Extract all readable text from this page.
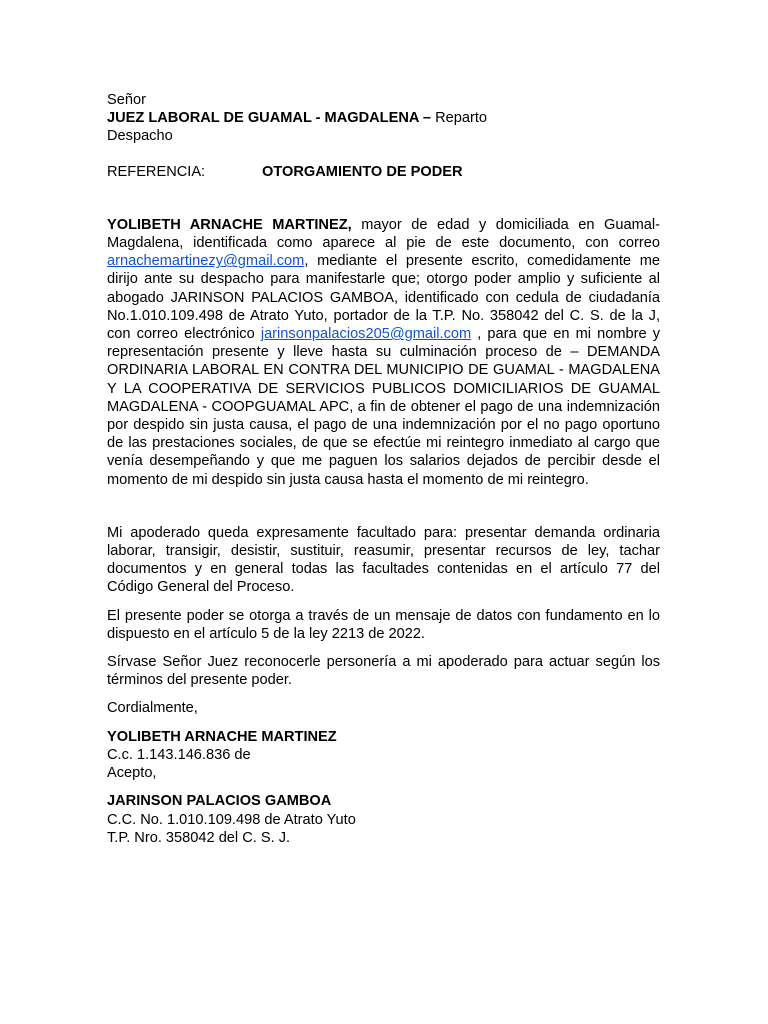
Señor

JUEZ LABORAL DE GUAMAL - MAGDALENA – Reparto

Despacho

REFERENCIA:	OTORGAMIENTO DE PODER

YOLIBETH ARNACHE MARTINEZ, mayor de edad y domiciliada en Guamal-Magdalena, identificada como aparece al pie de este documento, con correo arnachemartinezy@gmail.com, mediante el presente escrito, comedidamente me dirijo ante su despacho para manifestarle que; otorgo poder amplio y suficiente al abogado JARINSON PALACIOS GAMBOA, identificado con cedula de ciudadanía No.1.010.109.498 de Atrato Yuto, portador de la T.P. No. 358042 del C. S. de la J, con correo electrónico jarinsonpalacios205@gmail.com , para que en mi nombre y representación presente y lleve hasta su culminación proceso de – DEMANDA ORDINARIA LABORAL EN CONTRA DEL MUNICIPIO DE GUAMAL - MAGDALENA Y LA COOPERATIVA DE SERVICIOS PUBLICOS DOMICILIARIOS DE GUAMAL MAGDALENA - COOPGUAMAL APC, a fin de obtener el pago de una indemnización por despido sin justa causa, el pago de una indemnización por el no pago oportuno de las prestaciones sociales, de que se efectúe mi reintegro inmediato al cargo que venía desempeñando y que me paguen los salarios dejados de percibir desde el momento de mi despido sin justa causa hasta el momento de mi reintegro.

Mi apoderado queda expresamente facultado para: presentar demanda ordinaria laborar, transigir, desistir, sustituir, reasumir, presentar recursos de ley, tachar documentos y en general todas las facultades contenidas en el artículo 77 del Código General del Proceso.

El presente poder se otorga a través de un mensaje de datos con fundamento en lo dispuesto en el artículo 5 de la ley 2213 de 2022.

Sírvase Señor Juez reconocerle personería a mi apoderado para actuar según los términos del presente poder.

Cordialmente,

YOLIBETH ARNACHE MARTINEZ

C.c. 1.143.146.836 de

Acepto,

JARINSON PALACIOS GAMBOA

C.C. No. 1.010.109.498 de Atrato Yuto

T.P. Nro. 358042 del C. S. J.
